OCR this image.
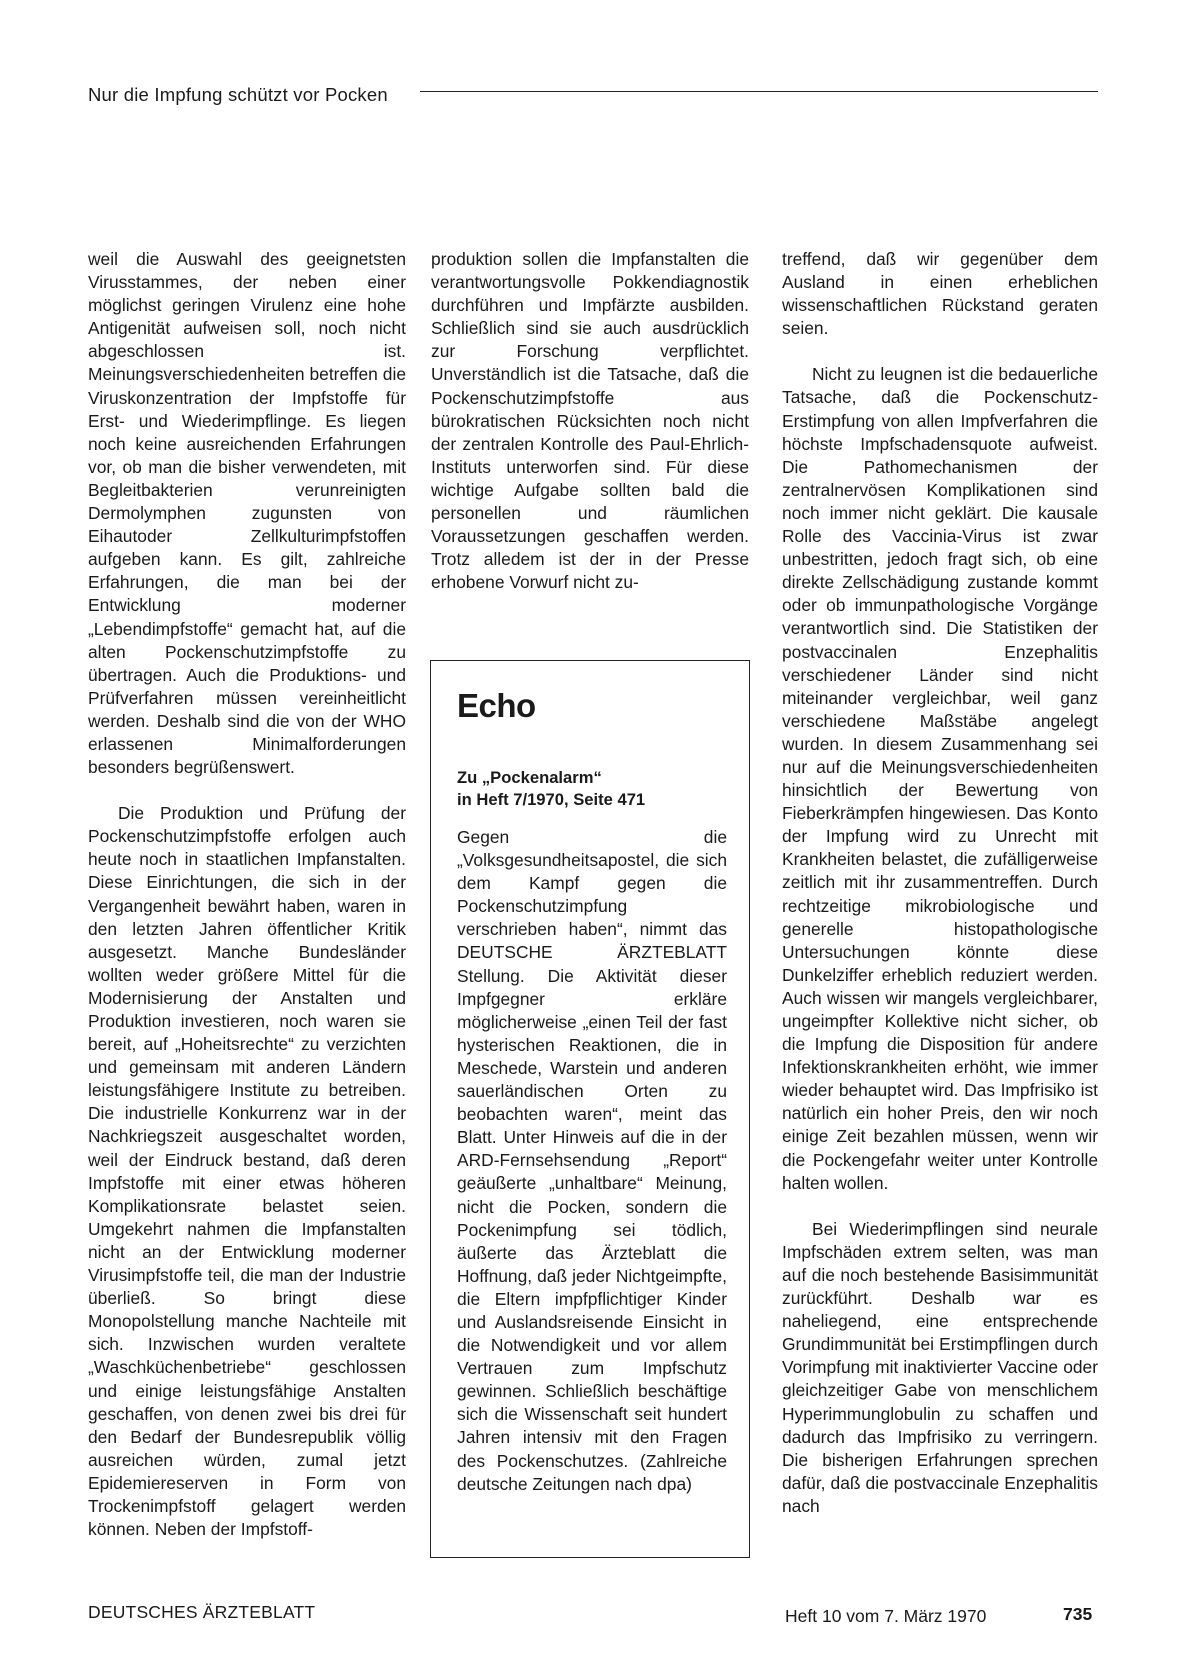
Nur die Impfung schützt vor Pocken

weil die Auswahl des geeignetsten Virusstammes, der neben einer möglichst geringen Virulenz eine hohe Antigenität aufweisen soll, noch nicht abgeschlossen ist. Meinungsverschiedenheiten betreffen die Viruskonzentration der Impfstoffe für Erst- und Wiederimpflinge. Es liegen noch keine ausreichenden Erfahrungen vor, ob man die bisher verwendeten, mit Begleitbakterien verunreinigten Dermolymphen zugunsten von Eihautoder Zellkulturimpfstoffen aufgeben kann. Es gilt, zahlreiche Erfahrungen, die man bei der Entwicklung moderner „Lebendimpfstoffe“ gemacht hat, auf die alten Pockenschutzimpfstoffe zu übertragen. Auch die Produktions- und Prüfverfahren müssen vereinheitlicht werden. Deshalb sind die von der WHO erlassenen Minimalforderungen besonders begrüßenswert.

Die Produktion und Prüfung der Pockenschutzimpfstoffe erfolgen auch heute noch in staatlichen Impfanstalten. Diese Einrichtungen, die sich in der Vergangenheit bewährt haben, waren in den letzten Jahren öffentlicher Kritik ausgesetzt. Manche Bundesländer wollten weder größere Mittel für die Modernisierung der Anstalten und Produktion investieren, noch waren sie bereit, auf „Hoheitsrechte“ zu verzichten und gemeinsam mit anderen Ländern leistungsfähigere Institute zu betreiben. Die industrielle Konkurrenz war in der Nachkriegszeit ausgeschaltet worden, weil der Eindruck bestand, daß deren Impfstoffe mit einer etwas höheren Komplikationsrate belastet seien. Umgekehrt nahmen die Impfanstalten nicht an der Entwicklung moderner Virusimpfstoffe teil, die man der Industrie überließ. So bringt diese Monopolstellung manche Nachteile mit sich. Inzwischen wurden veraltete „Waschküchenbetriebe“ geschlossen und einige leistungsfähige Anstalten geschaffen, von denen zwei bis drei für den Bedarf der Bundesrepublik völlig ausreichen würden, zumal jetzt Epidemiereserven in Form von Trockenimpfstoff gelagert werden können. Neben der Impfstoff-

produktion sollen die Impfanstalten die verantwortungsvolle Pokkendiagnostik durchführen und Impfärzte ausbilden. Schließlich sind sie auch ausdrücklich zur Forschung verpflichtet. Unverständlich ist die Tatsache, daß die Pockenschutzimpfstoffe aus bürokratischen Rücksichten noch nicht der zentralen Kontrolle des Paul-Ehrlich-Instituts unterworfen sind. Für diese wichtige Aufgabe sollten bald die personellen und räumlichen Voraussetzungen geschaffen werden. Trotz alledem ist der in der Presse erhobene Vorwurf nicht zu-

Echo
Zu „Pockenalarm“
in Heft 7/1970, Seite 471
Gegen die „Volksgesundheitsapostel, die sich dem Kampf gegen die Pockenschutzimpfung verschrieben haben“, nimmt das DEUTSCHE ÄRZTEBLATT Stellung. Die Aktivität dieser Impfgegner erkläre möglicherweise „einen Teil der fast hysterischen Reaktionen, die in Meschede, Warstein und anderen sauerländischen Orten zu beobachten waren“, meint das Blatt. Unter Hinweis auf die in der ARD-Fernsehsendung „Report“ geäußerte „unhaltbare“ Meinung, nicht die Pocken, sondern die Pockenimpfung sei tödlich, äußerte das Ärzteblatt die Hoffnung, daß jeder Nichtgeimpfte, die Eltern impfpflichtiger Kinder und Auslandsreisende Einsicht in die Notwendigkeit und vor allem Vertrauen zum Impfschutz gewinnen. Schließlich beschäftige sich die Wissenschaft seit hundert Jahren intensiv mit den Fragen des Pockenschutzes. (Zahlreiche deutsche Zeitungen nach dpa)

treffend, daß wir gegenüber dem Ausland in einen erheblichen wissenschaftlichen Rückstand geraten seien.

Nicht zu leugnen ist die bedauerliche Tatsache, daß die Pockenschutz-Erstimpfung von allen Impfverfahren die höchste Impfschadensquote aufweist. Die Pathomechanismen der zentralnervösen Komplikationen sind noch immer nicht geklärt. Die kausale Rolle des Vaccinia-Virus ist zwar unbestritten, jedoch fragt sich, ob eine direkte Zellschädigung zustande kommt oder ob immunpathologische Vorgänge verantwortlich sind. Die Statistiken der postvaccinalen Enzephalitis verschiedener Länder sind nicht miteinander vergleichbar, weil ganz verschiedene Maßstäbe angelegt wurden. In diesem Zusammenhang sei nur auf die Meinungsverschiedenheiten hinsichtlich der Bewertung von Fieberkrämpfen hingewiesen. Das Konto der Impfung wird zu Unrecht mit Krankheiten belastet, die zufälligerweise zeitlich mit ihr zusammentreffen. Durch rechtzeitige mikrobiologische und generelle histopathologische Untersuchungen könnte diese Dunkelziffer erheblich reduziert werden. Auch wissen wir mangels vergleichbarer, ungeimpfter Kollektive nicht sicher, ob die Impfung die Disposition für andere Infektionskrankheiten erhöht, wie immer wieder behauptet wird. Das Impfrisiko ist natürlich ein hoher Preis, den wir noch einige Zeit bezahlen müssen, wenn wir die Pockengefahr weiter unter Kontrolle halten wollen.

Bei Wiederimpflingen sind neurale Impfschäden extrem selten, was man auf die noch bestehende Basisimmunität zurückführt. Deshalb war es naheliegend, eine entsprechende Grundimmunität bei Erstimpflingen durch Vorimpfung mit inaktivierter Vaccine oder gleichzeitiger Gabe von menschlichem Hyperimmunglobulin zu schaffen und dadurch das Impfrisiko zu verringern. Die bisherigen Erfahrungen sprechen dafür, daß die postvaccinale Enzephalitis nach

DEUTSCHES ÄRZTEBLATT	Heft 10 vom 7. März 1970	735
